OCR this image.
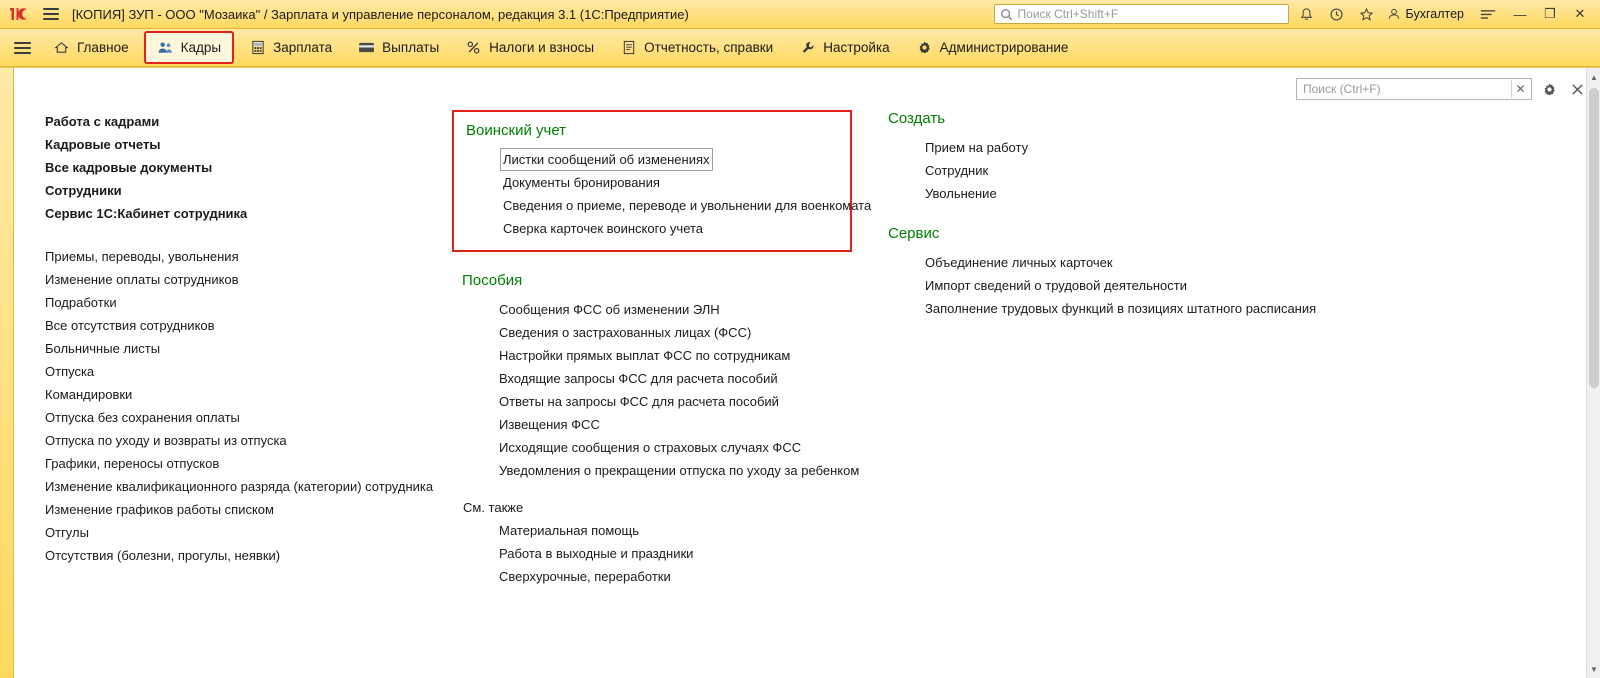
[КОПИЯ] ЗУП - ООО "Мозаика" / Зарплата и управление персоналом, редакция 3.1 (1С:Предприятие)	Поиск Ctrl+Shift+F	Бухгалтер	—	❐	✕
Главное	Кадры	Зарплата	Выплаты	Налоги и взносы	Отчетность, справки	Настройка	Администрирование
Поиск (Ctrl+F)	✕
Работа с кадрами
Кадровые отчеты
Все кадровые документы
Сотрудники
Сервис 1С:Кабинет сотрудника
Приемы, переводы, увольнения
Изменение оплаты сотрудников
Подработки
Все отсутствия сотрудников
Больничные листы
Отпуска
Командировки
Отпуска без сохранения оплаты
Отпуска по уходу и возвраты из отпуска
Графики, переносы отпусков
Изменение квалификационного разряда (категории) сотрудника
Изменение графиков работы списком
Отгулы
Отсутствия (болезни, прогулы, неявки)
Воинский учет
Листки сообщений об изменениях
Документы бронирования
Сведения о приеме, переводе и увольнении для военкомата
Сверка карточек воинского учета
Пособия
Сообщения ФСС об изменении ЭЛН
Сведения о застрахованных лицах (ФСС)
Настройки прямых выплат ФСС по сотрудникам
Входящие запросы ФСС для расчета пособий
Ответы на запросы ФСС для расчета пособий
Извещения ФСС
Исходящие сообщения о страховых случаях ФСС
Уведомления о прекращении отпуска по уходу за ребенком
См. также
Материальная помощь
Работа в выходные и праздники
Сверхурочные, переработки
Создать
Прием на работу
Сотрудник
Увольнение
Сервис
Объединение личных карточек
Импорт сведений о трудовой деятельности
Заполнение трудовых функций в позициях штатного расписания
▲
▼
